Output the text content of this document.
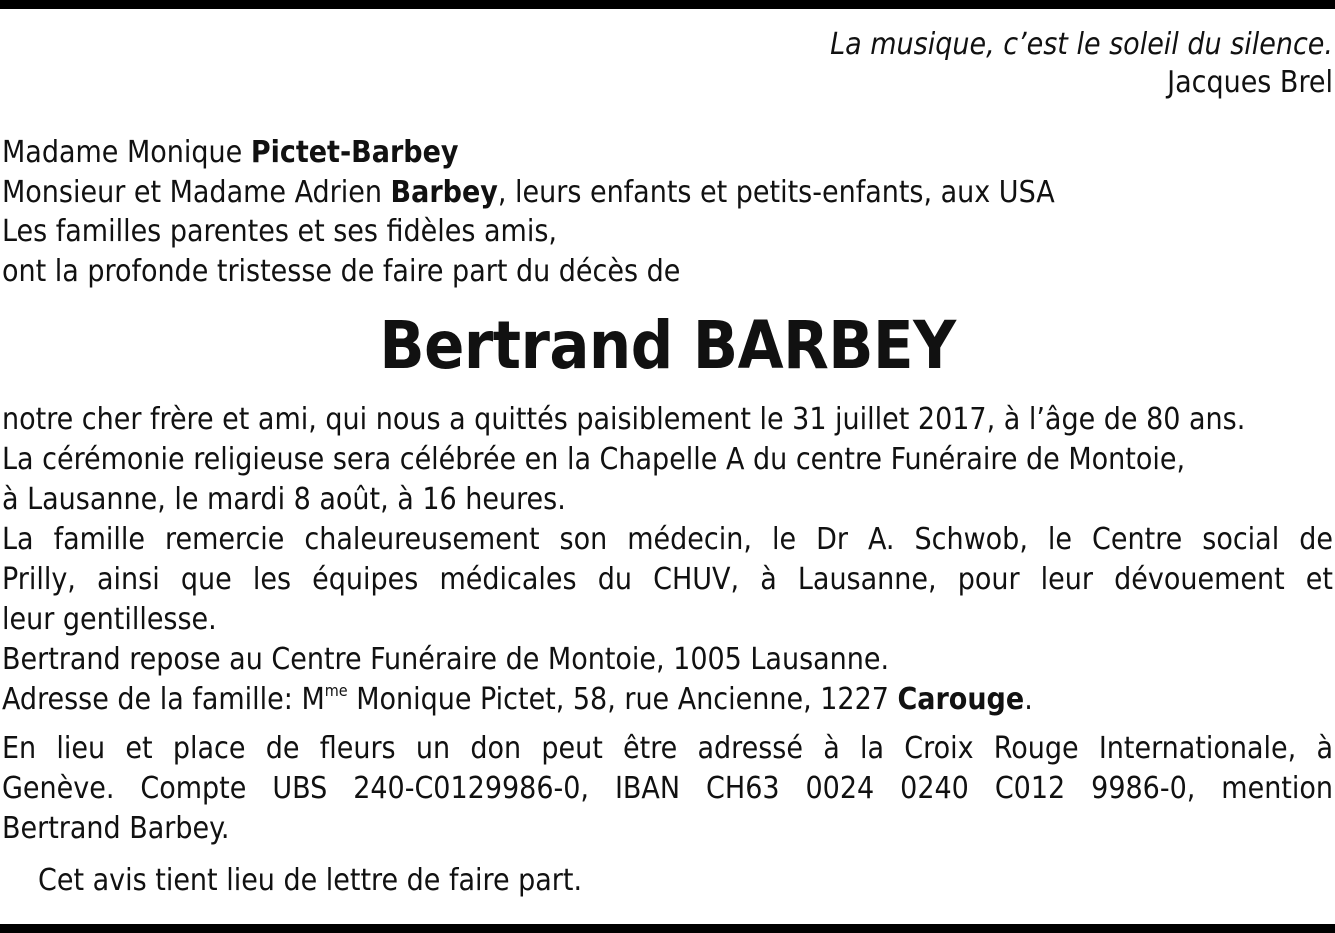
La musique, c’est le soleil du silence.
Jacques Brel
Madame Monique Pictet-Barbey
Monsieur et Madame Adrien Barbey, leurs enfants et petits-enfants, aux USA
Les familles parentes et ses fidèles amis,
ont la profonde tristesse de faire part du décès de
Bertrand BARBEY
notre cher frère et ami, qui nous a quittés paisiblement le 31 juillet 2017, à l’âge de 80 ans.
La cérémonie religieuse sera célébrée en la Chapelle A du centre Funéraire de Montoie,
à Lausanne, le mardi 8 août, à 16 heures.
La famille remercie chaleureusement son médecin, le Dr A. Schwob, le Centre social de
Prilly, ainsi que les équipes médicales du CHUV, à Lausanne, pour leur dévouement et
leur gentillesse.
Bertrand repose au Centre Funéraire de Montoie, 1005 Lausanne.
Adresse de la famille: $M^{me}$ Monique Pictet, 58, rue Ancienne, 1227 Carouge.
En lieu et place de fleurs un don peut être adressé à la Croix Rouge Internationale, à
Genève. Compte UBS 240-C0129986-0, IBAN CH63 0024 0240 C012 9986-0, mention
Bertrand Barbey.
Cet avis tient lieu de lettre de faire part.
